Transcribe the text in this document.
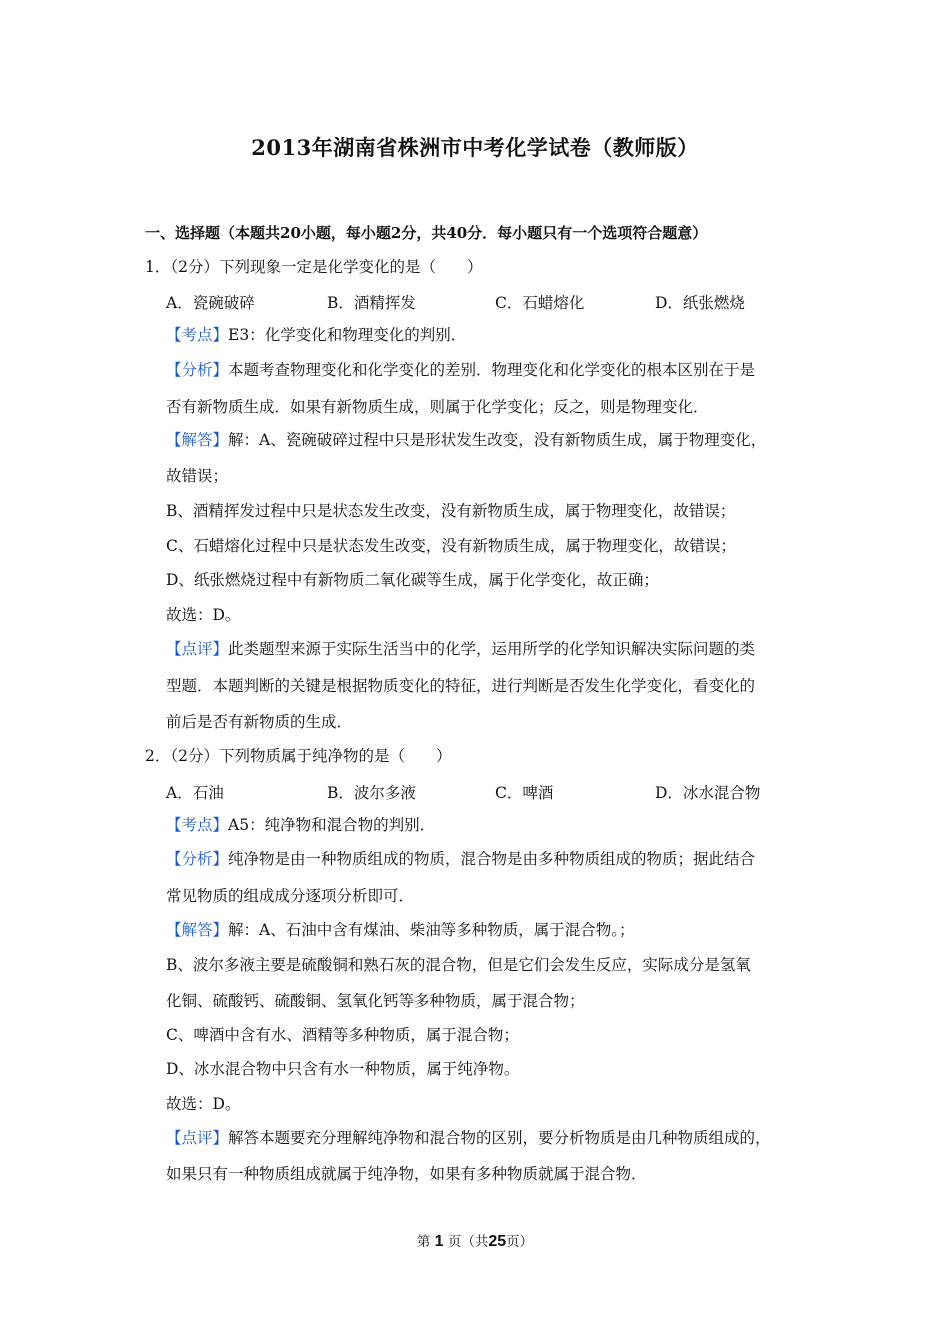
2013年湖南省株洲市中考化学试卷（教师版）
一、选择题（本题共20小题，每小题2分，共40分．每小题只有一个选项符合题意）
1．（2分）下列现象一定是化学变化的是（　　）
A．瓷碗破碎	B．酒精挥发	C．石蜡熔化	D．纸张燃烧
【考点】E3：化学变化和物理变化的判别．
【分析】本题考查物理变化和化学变化的差别．物理变化和化学变化的根本区别在于是
否有新物质生成．如果有新物质生成，则属于化学变化；反之，则是物理变化．
【解答】解：A、瓷碗破碎过程中只是形状发生改变，没有新物质生成，属于物理变化，
故错误；
B、酒精挥发过程中只是状态发生改变，没有新物质生成，属于物理变化，故错误；
C、石蜡熔化过程中只是状态发生改变，没有新物质生成，属于物理变化，故错误；
D、纸张燃烧过程中有新物质二氧化碳等生成，属于化学变化，故正确；
故选：D。
【点评】此类题型来源于实际生活当中的化学，运用所学的化学知识解决实际问题的类
型题．本题判断的关键是根据物质变化的特征，进行判断是否发生化学变化，看变化的
前后是否有新物质的生成．
2．（2分）下列物质属于纯净物的是（　　）
A．石油	B．波尔多液	C．啤酒	D．冰水混合物
【考点】A5：纯净物和混合物的判别．
【分析】纯净物是由一种物质组成的物质，混合物是由多种物质组成的物质；据此结合
常见物质的组成成分逐项分析即可．
【解答】解：A、石油中含有煤油、柴油等多种物质，属于混合物。；
B、波尔多液主要是硫酸铜和熟石灰的混合物，但是它们会发生反应，实际成分是氢氧
化铜、硫酸钙、硫酸铜、氢氧化钙等多种物质，属于混合物；
C、啤酒中含有水、酒精等多种物质，属于混合物；
D、冰水混合物中只含有水一种物质，属于纯净物。
故选：D。
【点评】解答本题要充分理解纯净物和混合物的区别，要分析物质是由几种物质组成的，
如果只有一种物质组成就属于纯净物，如果有多种物质就属于混合物．
第 1 页（共25页）
